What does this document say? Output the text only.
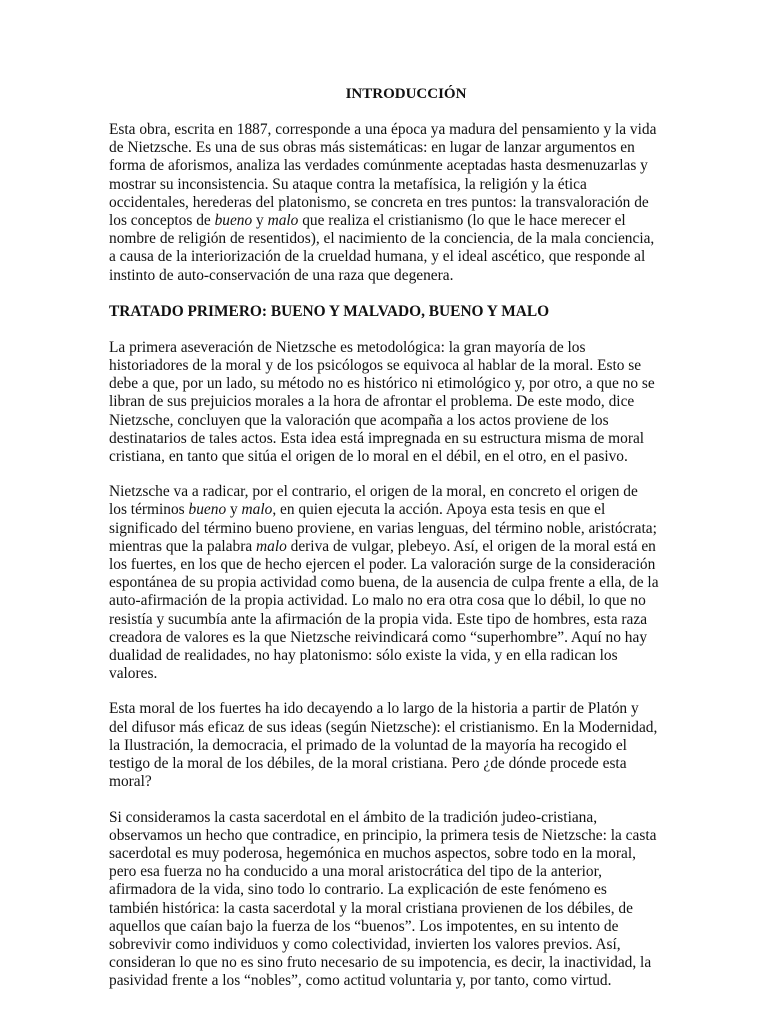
INTRODUCCIÓN

Esta obra, escrita en 1887, corresponde a una época ya madura del pensamiento y la vida de Nietzsche. Es una de sus obras más sistemáticas: en lugar de lanzar argumentos en forma de aforismos, analiza las verdades comúnmente aceptadas hasta desmenuzarlas y mostrar su inconsistencia. Su ataque contra la metafísica, la religión y la ética occidentales, herederas del platonismo, se concreta en tres puntos: la transvaloración de los conceptos de bueno y malo que realiza el cristianismo (lo que le hace merecer el nombre de religión de resentidos), el nacimiento de la conciencia, de la mala conciencia, a causa de la interiorización de la crueldad humana, y el ideal ascético, que responde al instinto de auto-conservación de una raza que degenera.

TRATADO PRIMERO: BUENO Y MALVADO, BUENO Y MALO

La primera aseveración de Nietzsche es metodológica: la gran mayoría de los historiadores de la moral y de los psicólogos se equivoca al hablar de la moral. Esto se debe a que, por un lado, su método no es histórico ni etimológico y, por otro, a que no se libran de sus prejuicios morales a la hora de afrontar el problema. De este modo, dice Nietzsche, concluyen que la valoración que acompaña a los actos proviene de los destinatarios de tales actos. Esta idea está impregnada en su estructura misma de moral cristiana, en tanto que sitúa el origen de lo moral en el débil, en el otro, en el pasivo.

Nietzsche va a radicar, por el contrario, el origen de la moral, en concreto el origen de los términos bueno y malo, en quien ejecuta la acción. Apoya esta tesis en que el significado del término bueno proviene, en varias lenguas, del término noble, aristócrata; mientras que la palabra malo deriva de vulgar, plebeyo. Así, el origen de la moral está en los fuertes, en los que de hecho ejercen el poder. La valoración surge de la consideración espontánea de su propia actividad como buena, de la ausencia de culpa frente a ella, de la auto-afirmación de la propia actividad. Lo malo no era otra cosa que lo débil, lo que no resistía y sucumbía ante la afirmación de la propia vida. Este tipo de hombres, esta raza creadora de valores es la que Nietzsche reivindicará como “superhombre”. Aquí no hay dualidad de realidades, no hay platonismo: sólo existe la vida, y en ella radican los valores.

Esta moral de los fuertes ha ido decayendo a lo largo de la historia a partir de Platón y del difusor más eficaz de sus ideas (según Nietzsche): el cristianismo. En la Modernidad, la Ilustración, la democracia, el primado de la voluntad de la mayoría ha recogido el testigo de la moral de los débiles, de la moral cristiana. Pero ¿de dónde procede esta moral?

Si consideramos la casta sacerdotal en el ámbito de la tradición judeo-cristiana, observamos un hecho que contradice, en principio, la primera tesis de Nietzsche: la casta sacerdotal es muy poderosa, hegemónica en muchos aspectos, sobre todo en la moral, pero esa fuerza no ha conducido a una moral aristocrática del tipo de la anterior, afirmadora de la vida, sino todo lo contrario. La explicación de este fenómeno es también histórica: la casta sacerdotal y la moral cristiana provienen de los débiles, de aquellos que caían bajo la fuerza de los “buenos”. Los impotentes, en su intento de sobrevivir como individuos y como colectividad, invierten los valores previos. Así, consideran lo que no es sino fruto necesario de su impotencia, es decir, la inactividad, la pasividad frente a los “nobles”, como actitud voluntaria y, por tanto, como virtud.
